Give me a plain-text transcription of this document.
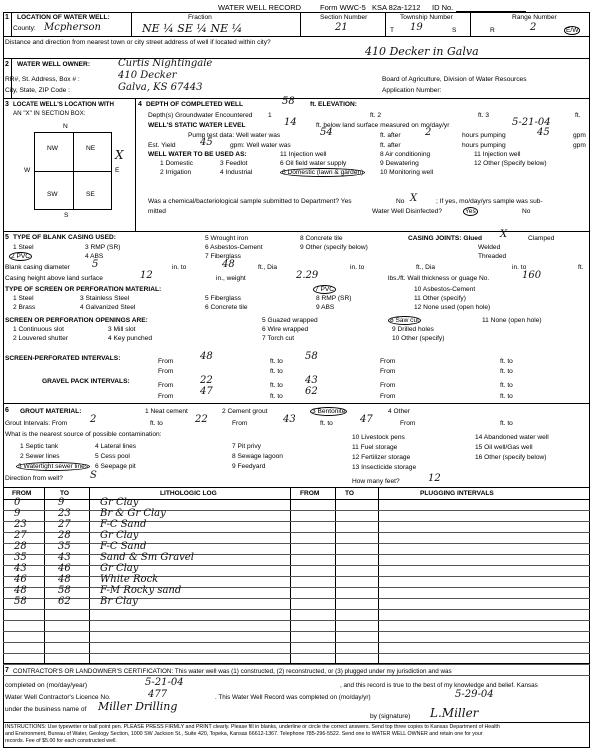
WATER WELL RECORD	Form WWC-5 KSA 82a-1212 ID No.
1 LOCATION OF WATER WELL:
County: Mcpherson
Fraction
NE ¼ SE ¼ NE ¼
Section Number
21
Township Number
T 19	S
Range Number
R	2	E/W
Distance and direction from nearest town or city street address of well if located within city?
410 Decker in Galva
2 WATER WELL OWNER:	Curtis Nightingale
RR#, St. Address, Box # :	410 Decker
City, State, ZIP Code :	Galva, KS 67443
Board of Agriculture, Division of Water Resources
Application Number:
3 LOCATE WELL'S LOCATION WITH
AN "X" IN SECTION BOX:
N
NW	NE
SW	SE
X
W	E
S
4 DEPTH OF COMPLETED WELL	58 ft. ELEVATION:
Depth(s) Groundwater Encountered 1	ft. 2	ft. 3	ft.
WELL'S STATIC WATER LEVEL	14	ft. below land surface measured on mo/day/yr	5-21-04
Pump test data: Well water was	54	ft. after 2	hours pumping	45	gpm
Est. Yield 45	gpm: Well water was	ft. after	hours pumping	gpm
WELL WATER TO BE USED AS:	11 Injection well	8 Air conditioning	11 Injection well
1 Domestic	3 Feedlot	6 Oil field water supply	9 Dewatering	12 Other (Specify below)
2 Irrigation	4 Industrial	6 Domestic (lawn & garden)	10 Monitoring well
Was a chemical/bacteriological sample submitted to Department? Yes	No X	; If yes, mo/day/yrs sample was sub-
mitted	Water Well Disinfected?	Yes	No
5 TYPE OF BLANK CASING USED:	5 Wrought iron	8 Concrete tile	CASING JOINTS: Glued X	Clamped
1 Steel	3 RMP (SR)	6 Asbestos-Cement	9 Other (specify below)	Welded
2 PVC	4 ABS	7 Fiberglass	Threaded
Blank casing diameter 5	in. to	48	ft., Dia	in. to	ft., Dia	in. to	ft.
Casing height above land surface	12	in., weight	2.29	lbs./ft. Wall thickness or guage No.	160
TYPE OF SCREEN OR PERFORATION MATERIAL:	7 PVC	10 Asbestos-Cement
1 Steel	3 Stainless Steel	5 Fiberglass	8 RMP (SR)	11 Other (specify)
2 Brass	4 Galvanized Steel	6 Concrete tile	9 ABS	12 None used (open hole)
SCREEN OR PERFORATION OPENINGS ARE:	5 Guazed wrapped	8 Saw cut	11 None (open hole)
1 Continuous slot	3 Mill slot	6 Wire wrapped	9 Drilled holes
2 Louvered shutter	4 Key punched	7 Torch cut	10 Other (specify)
SCREEN-PERFORATED INTERVALS:	From	48	ft. to 58	From	ft. to
From	ft. to	From	ft. to
GRAVEL PACK INTERVALS:
From	22	ft. to 43	From	ft. to
From	47	ft. to 62	From	ft. to
6 GROUT MATERIAL:	1 Neat cement	2 Cement grout	3 Bentonite	4 Other
Grout Intervals: From 2	ft. to	22	From	43	ft. to	47	From	ft. to
What is the nearest source of possible contamination:
1 Septic tank	4 Lateral lines	7 Pit privy
10 Livestock pens	14 Abandoned water well
2 Sewer lines	5 Cess pool	8 Sewage lagoon
11 Fuel storage	15 Oil well/Gas well
3 Watertight sewer lines	6 Seepage pit	9 Feedyard
12 Fertilizer storage	16 Other (specify below)
13 Insecticide storage
Direction from well?	S
How many feet?	12
FROM	TO	LITHOLOGIC LOG	FROM	TO	PLUGGING INTERVALS
0	9	Gr Clay
9	23	Br & Gr Clay
23	27	F-C Sand
27	28	Gr Clay
28	35	F-C Sand
35	43	Sand & Sm Gravel
43	46	Gr Clay
46	48	White Rock
48	58	F-M Rocky sand
58	62	Br Clay
7 CONTRACTOR'S OR LANDOWNER'S CERTIFICATION: This water well was (1) constructed, (2) reconstructed, or (3) plugged under my jurisdiction and was
completed on (mo/day/year)	5-21-04	, and this record is true to the best of my knowledge and belief. Kansas
Water Well Contractor's Licence No.	477	. This Water Well Record was completed on (mo/day/yr)	5-29-04
under the business name of Miller Drilling
by (signature) L.Miller
INSTRUCTIONS: Use typewriter or ball point pen. PLEASE PRESS FIRMLY and PRINT clearly. Please fill in blanks, underline or circle the correct answers. Send top three copies to Kansas Department of Health
and Environment, Bureau of Water, Geology Section, 1000 SW Jackson St., Suite 420, Topeka, Kansas 66612-1367. Telephone 785-296-5522. Send one to WATER WELL OWNER and retain one for your
records. Fee of $5.00 for each constructed well.
